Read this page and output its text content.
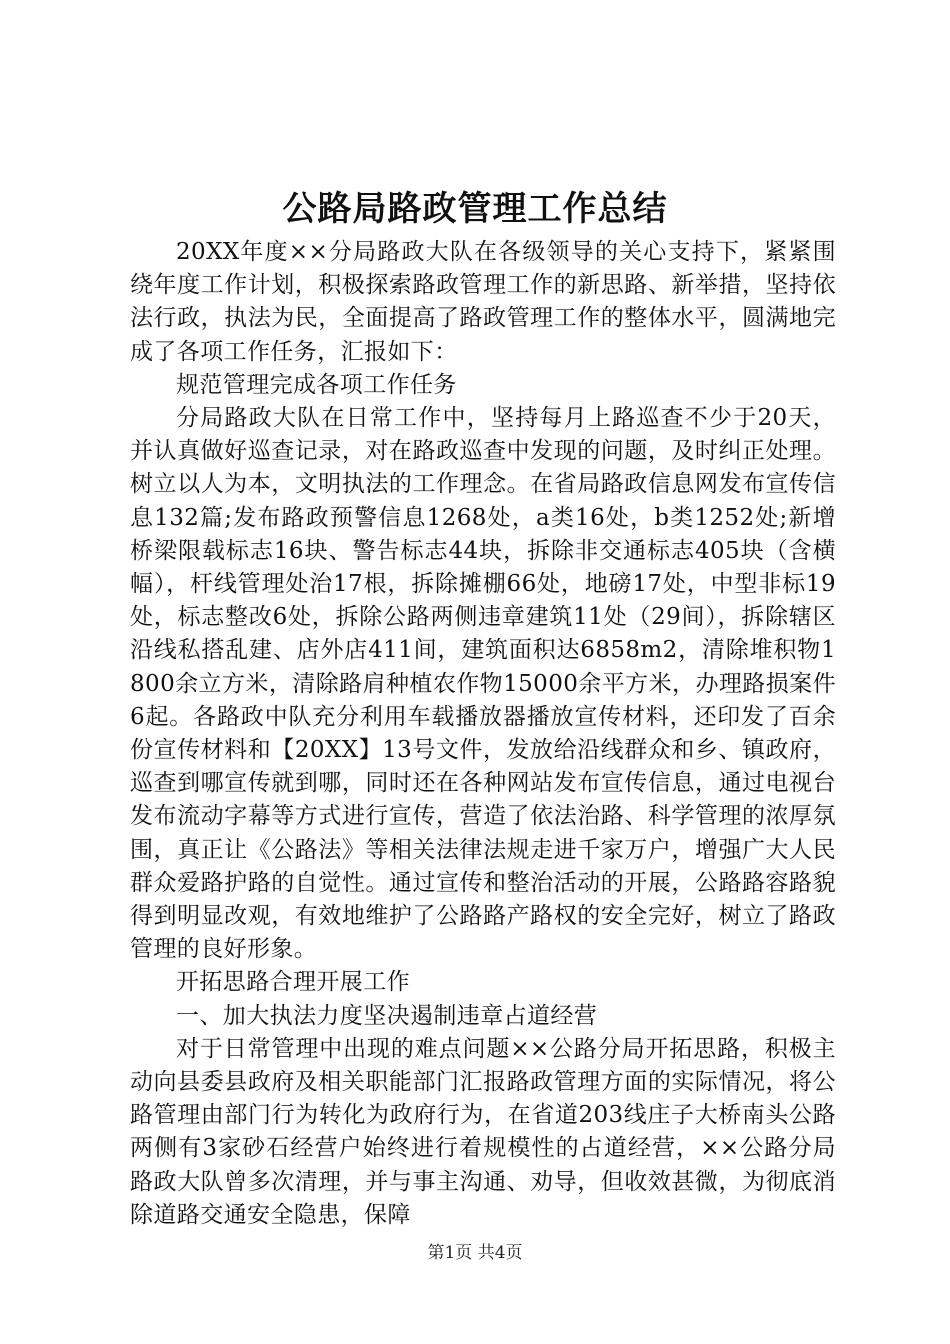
公路局路政管理工作总结

20XX年度××分局路政大队在各级领导的关心支持下，紧紧围绕年度工作计划，积极探索路政管理工作的新思路、新举措，坚持依法行政，执法为民，全面提高了路政管理工作的整体水平，圆满地完成了各项工作任务，汇报如下：

规范管理完成各项工作任务

分局路政大队在日常工作中，坚持每月上路巡查不少于20天，并认真做好巡查记录，对在路政巡查中发现的问题，及时纠正处理。树立以人为本，文明执法的工作理念。在省局路政信息网发布宣传信息132篇;发布路政预警信息1268处，a类16处，b类1252处;新增桥梁限载标志16块、警告标志44块，拆除非交通标志405块（含横幅），杆线管理处治17根，拆除摊棚66处，地磅17处，中型非标19处，标志整改6处，拆除公路两侧违章建筑11处（29间），拆除辖区沿线私搭乱建、店外店411间，建筑面积达6858m2，清除堆积物1800余立方米，清除路肩种植农作物15000余平方米，办理路损案件6起。各路政中队充分利用车载播放器播放宣传材料，还印发了百余份宣传材料和【20XX】13号文件，发放给沿线群众和乡、镇政府，巡查到哪宣传就到哪，同时还在各种网站发布宣传信息，通过电视台发布流动字幕等方式进行宣传，营造了依法治路、科学管理的浓厚氛围，真正让《公路法》等相关法律法规走进千家万户，增强广大人民群众爱路护路的自觉性。通过宣传和整治活动的开展，公路路容路貌得到明显改观，有效地维护了公路路产路权的安全完好，树立了路政管理的良好形象。

开拓思路合理开展工作

一、加大执法力度坚决遏制违章占道经营

对于日常管理中出现的难点问题××公路分局开拓思路，积极主动向县委县政府及相关职能部门汇报路政管理方面的实际情况，将公路管理由部门行为转化为政府行为，在省道203线庄子大桥南头公路两侧有3家砂石经营户始终进行着规模性的占道经营，××公路分局路政大队曾多次清理，并与事主沟通、劝导，但收效甚微，为彻底消除道路交通安全隐患，保障

第1页 共4页
